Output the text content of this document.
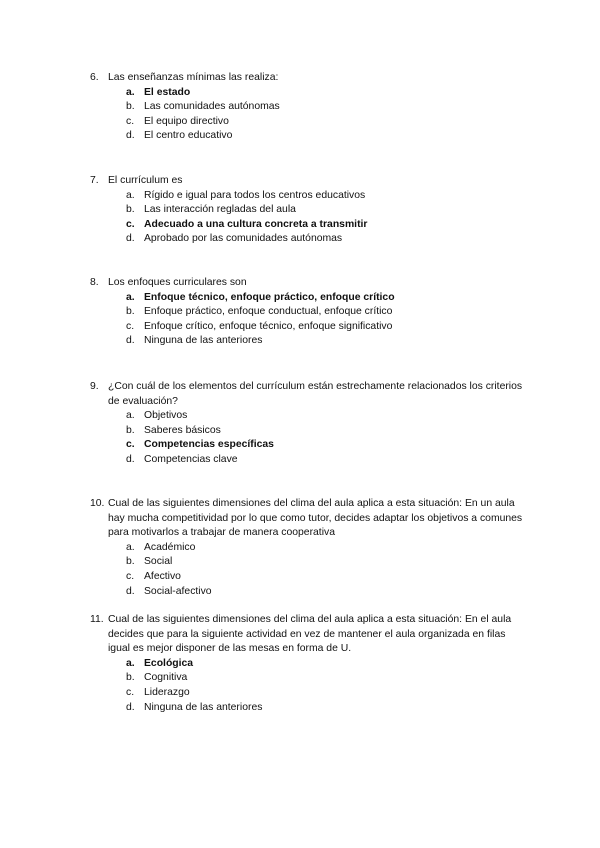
6. Las enseñanzas mínimas las realiza:
a. El estado
b. Las comunidades autónomas
c. El equipo directivo
d. El centro educativo
7. El currículum es
a. Rígido e igual para todos los centros educativos
b. Las interacción regladas del aula
c. Adecuado a una cultura concreta a transmitir
d. Aprobado por las comunidades autónomas
8. Los enfoques curriculares son
a. Enfoque técnico, enfoque práctico, enfoque crítico
b. Enfoque práctico, enfoque conductual, enfoque crítico
c. Enfoque crítico, enfoque técnico, enfoque significativo
d. Ninguna de las anteriores
9. ¿Con cuál de los elementos del currículum están estrechamente relacionados los criterios de evaluación?
a. Objetivos
b. Saberes básicos
c. Competencias específicas
d. Competencias clave
10. Cual de las siguientes dimensiones del clima del aula aplica a esta situación: En un aula hay mucha competitividad por lo que como tutor, decides adaptar los objetivos a comunes para motivarlos a trabajar de manera cooperativa
a. Académico
b. Social
c. Afectivo
d. Social-afectivo
11. Cual de las siguientes dimensiones del clima del aula aplica a esta situación: En el aula decides que para la siguiente actividad en vez de mantener el aula organizada en filas igual es mejor disponer de las mesas en forma de U.
a. Ecológica
b. Cognitiva
c. Liderazgo
d. Ninguna de las anteriores
